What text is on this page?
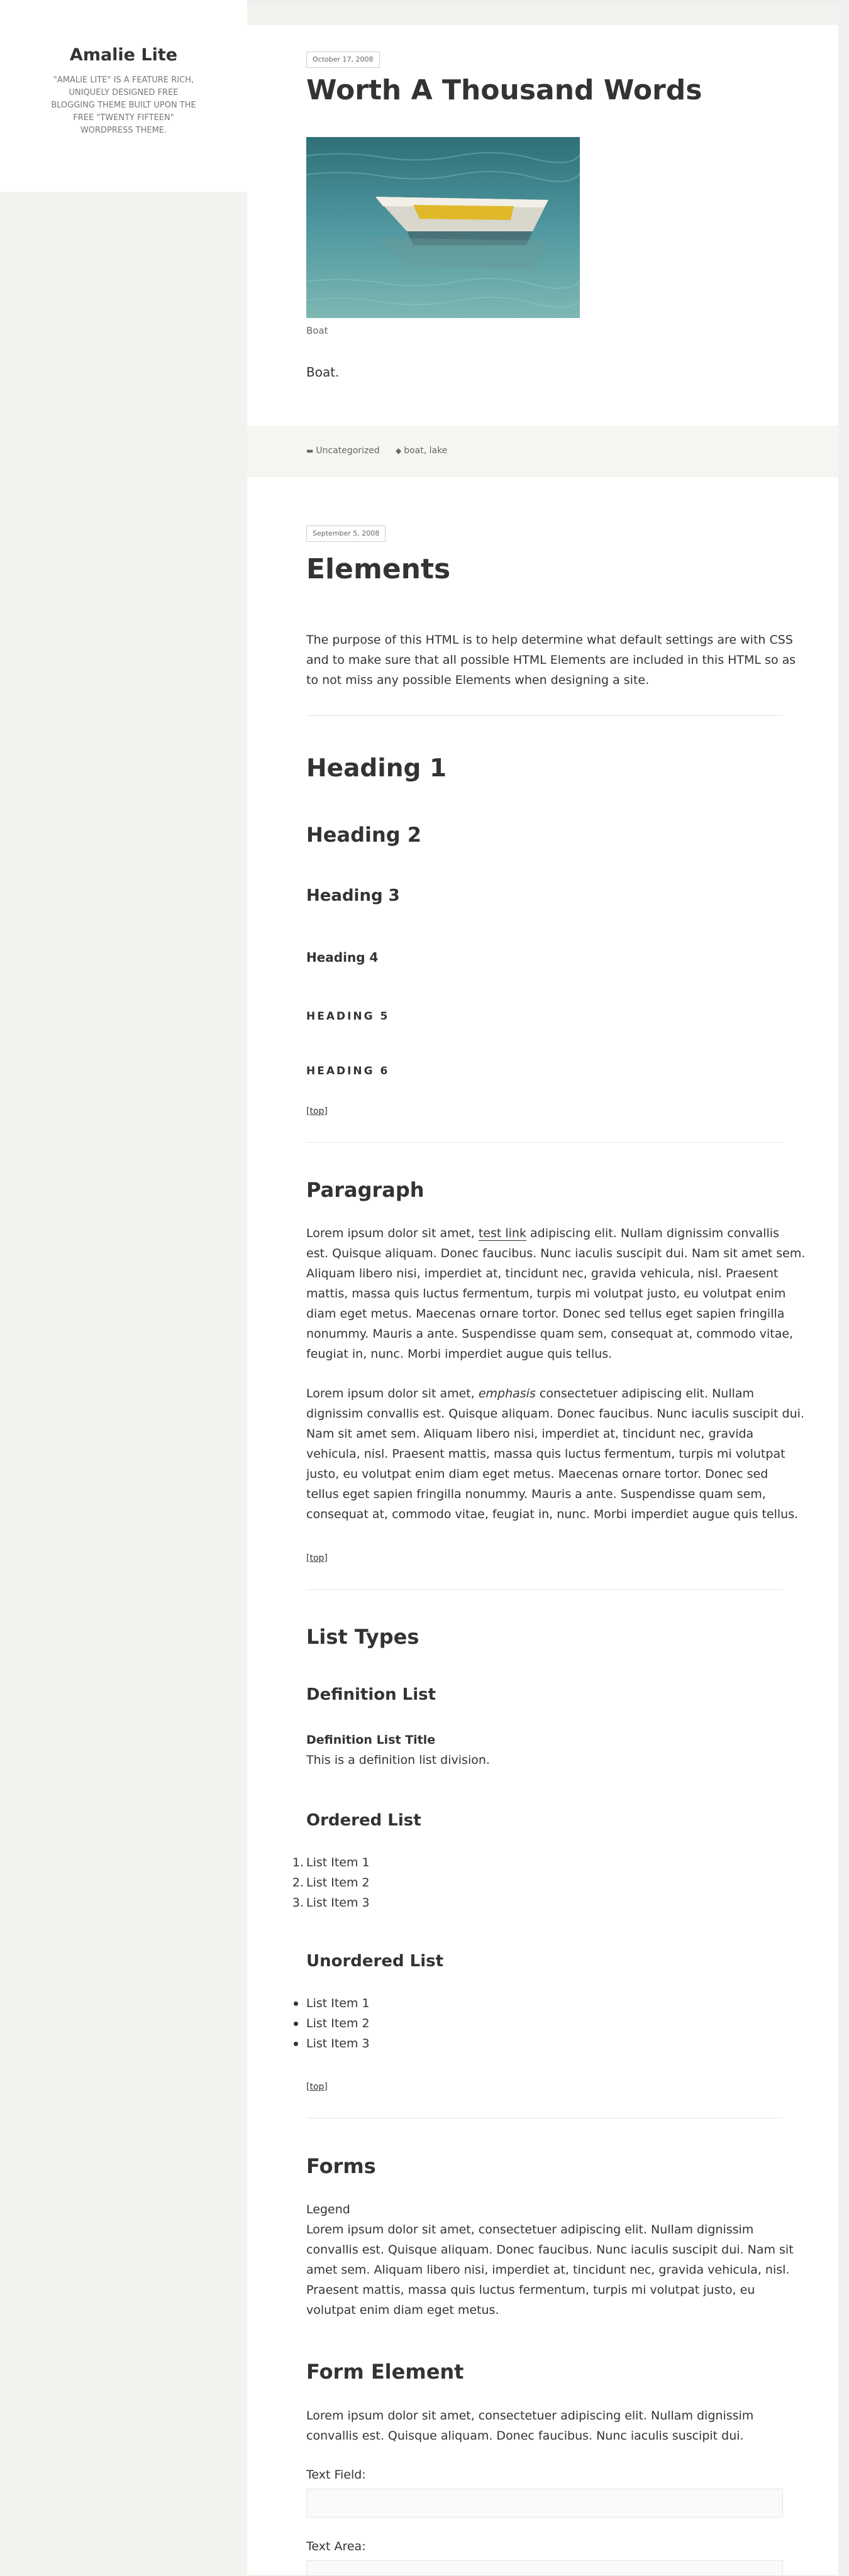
Amalie Lite
"AMALIE LITE" IS A FEATURE RICH, UNIQUELY DESIGNED FREE BLOGGING THEME BUILT UPON THE FREE "TWENTY FIFTEEN" WORDPRESS THEME.
October 17, 2008
Worth A Thousand Words
Boat
Boat.
▬ Uncategorized ◆ boat, lake
September 5, 2008
Elements
The purpose of this HTML is to help determine what default settings are with CSS
and to make sure that all possible HTML Elements are included in this HTML so as
to not miss any possible Elements when designing a site.
Heading 1
Heading 2
Heading 3
Heading 4
HEADING 5
HEADING 6
[top]
Paragraph
Lorem ipsum dolor sit amet, test link adipiscing elit. Nullam dignissim convallis
est. Quisque aliquam. Donec faucibus. Nunc iaculis suscipit dui. Nam sit amet sem.
Aliquam libero nisi, imperdiet at, tincidunt nec, gravida vehicula, nisl. Praesent
mattis, massa quis luctus fermentum, turpis mi volutpat justo, eu volutpat enim
diam eget metus. Maecenas ornare tortor. Donec sed tellus eget sapien fringilla
nonummy. Mauris a ante. Suspendisse quam sem, consequat at, commodo vitae,
feugiat in, nunc. Morbi imperdiet augue quis tellus.
Lorem ipsum dolor sit amet, emphasis consectetuer adipiscing elit. Nullam
dignissim convallis est. Quisque aliquam. Donec faucibus. Nunc iaculis suscipit dui.
Nam sit amet sem. Aliquam libero nisi, imperdiet at, tincidunt nec, gravida
vehicula, nisl. Praesent mattis, massa quis luctus fermentum, turpis mi volutpat
justo, eu volutpat enim diam eget metus. Maecenas ornare tortor. Donec sed
tellus eget sapien fringilla nonummy. Mauris a ante. Suspendisse quam sem,
consequat at, commodo vitae, feugiat in, nunc. Morbi imperdiet augue quis tellus.
[top]
List Types
Definition List
Definition List Title
This is a definition list division.
Ordered List
1. List Item 1
2. List Item 2
3. List Item 3
Unordered List
List Item 1
List Item 2
List Item 3
[top]
Forms
Legend
Lorem ipsum dolor sit amet, consectetuer adipiscing elit. Nullam dignissim
convallis est. Quisque aliquam. Donec faucibus. Nunc iaculis suscipit dui. Nam sit
amet sem. Aliquam libero nisi, imperdiet at, tincidunt nec, gravida vehicula, nisl.
Praesent mattis, massa quis luctus fermentum, turpis mi volutpat justo, eu
volutpat enim diam eget metus.
Form Element
Lorem ipsum dolor sit amet, consectetuer adipiscing elit. Nullam dignissim
convallis est. Quisque aliquam. Donec faucibus. Nunc iaculis suscipit dui.
Text Field:
Text Area:
